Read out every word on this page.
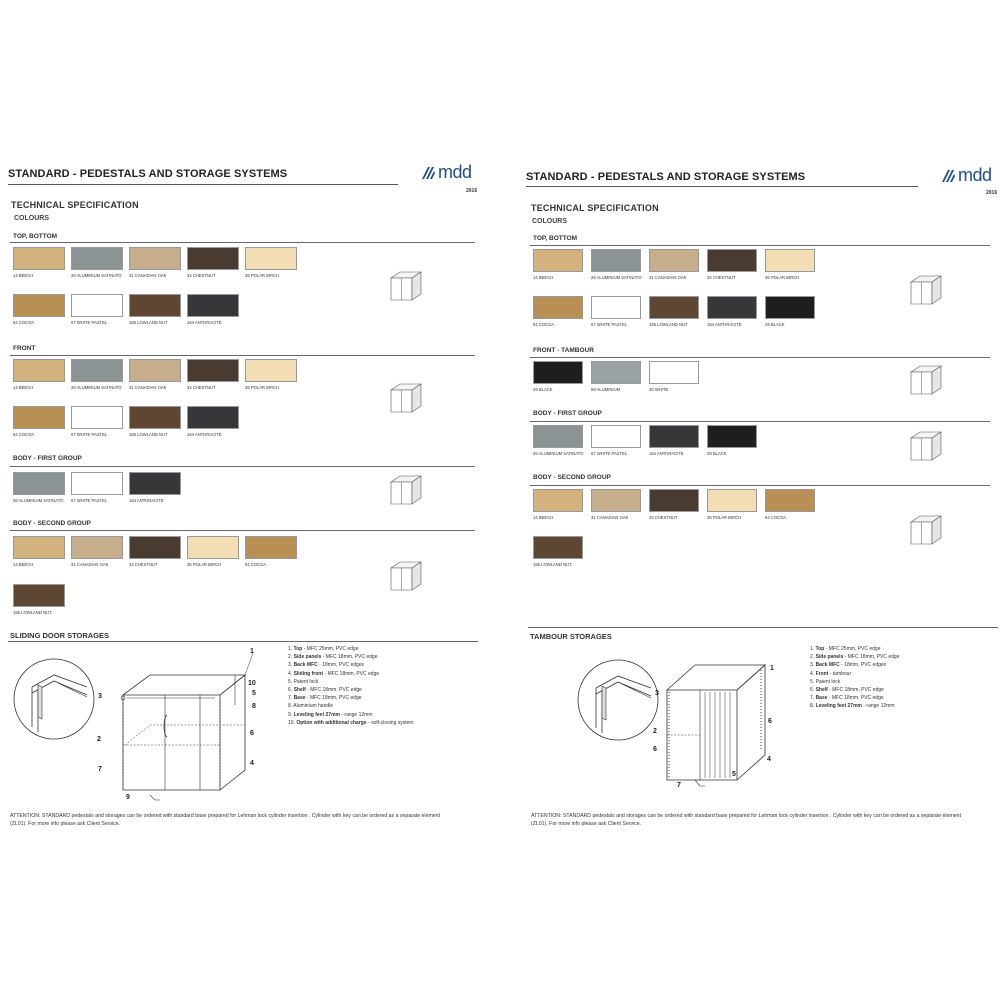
STANDARD - PEDESTALS AND STORAGE SYSTEMS	mdd
2016
TECHNICAL SPECIFICATION
COLOURS
TOP, BOTTOM
14 BEECH	26 ALUMINIUM SATINATO	31 CANADIAN OAK	34 CHESTNUT	35 POLAR BIRCH
64 COCOA	67 WHITE PASTEL	155 LOWLAND NUT	164 ANTHRACITE
FRONT
14 BEECH	26 ALUMINIUM SATINATO	31 CANADIAN OAK	34 CHESTNUT	35 POLAR BIRCH
64 COCOA	67 WHITE PASTEL	155 LOWLAND NUT	164 ANTHRACITE
BODY - FIRST GROUP
26 ALUMINIUM SATINATO	67 WHITE PASTEL	164 ANTHRACITE
BODY - SECOND GROUP
14 BEECH	31 CANADIAN OAK	34 CHESTNUT	35 POLAR BIRCH	64 COCOA
155 LOWLAND NUT
SLIDING DOOR STORAGES
1
2
3
4
5
6
7
8
9
10
1. Top - MFC 25mm, PVC edge
2. Side panels - MFC 18mm, PVC edge
3. Back MFC - 18mm, PVC edges
4. Sliding front - MFC 18mm, PVC edge
5. Patent lock
6. Shelf - MFC 18mm, PVC edge
7. Base - MFC 18mm, PVC edge
8. Aluminium handle
9. Leveling feet 27mm - range 12mm
10. Option with additional charge - soft-closing system
ATTENTION: STANDARD pedestals and storages can be ordered with standard base prepared for Lehman lock cylinder insertion . Cylinder with key can be ordered as a separate element (ZL01). For more info please ask Client Service.
STANDARD - PEDESTALS AND STORAGE SYSTEMS	mdd
2016
TECHNICAL SPECIFICATION
COLOURS
TOP, BOTTOM
14 BEECH	26 ALUMINIUM SATINATO	31 CANADIAN OAK	34 CHESTNUT	35 POLAR BIRCH
64 COCOA	67 WHITE PASTEL	155 LOWLAND NUT	164 ANTHRACITE	29 BLACK
FRONT - TAMBOUR
29 BLACK	59 ALUMINIUM	30 WHITE
BODY - FIRST GROUP
26 ALUMINIUM SATINATO	67 WHITE PASTEL	164 ANTHRACITE	29 BLACK
BODY - SECOND GROUP
14 BEECH	31 CANADIAN OAK	34 CHESTNUT	35 POLAR BIRCH	64 COCOA
155 LOWLAND NUT
TAMBOUR STORAGES
1
2
3
4
5
6
6
7
1. Top - MFC 25mm, PVC edge
2. Side panels - MFC 18mm, PVC edge
3. Back MFC - 18mm, PVC edges
4. Front - tambour
5. Patent lock
6. Shelf - MFC 18mm, PVC edge
7. Base - MFC 18mm, PVC edge
8. Leveling feet 27mm - range 12mm
ATTENTION: STANDARD pedestals and storages can be ordered with standard base prepared for Lehman lock cylinder insertion . Cylinder with key can be ordered as a separate element (ZL01). For more info please ask Client Service.
